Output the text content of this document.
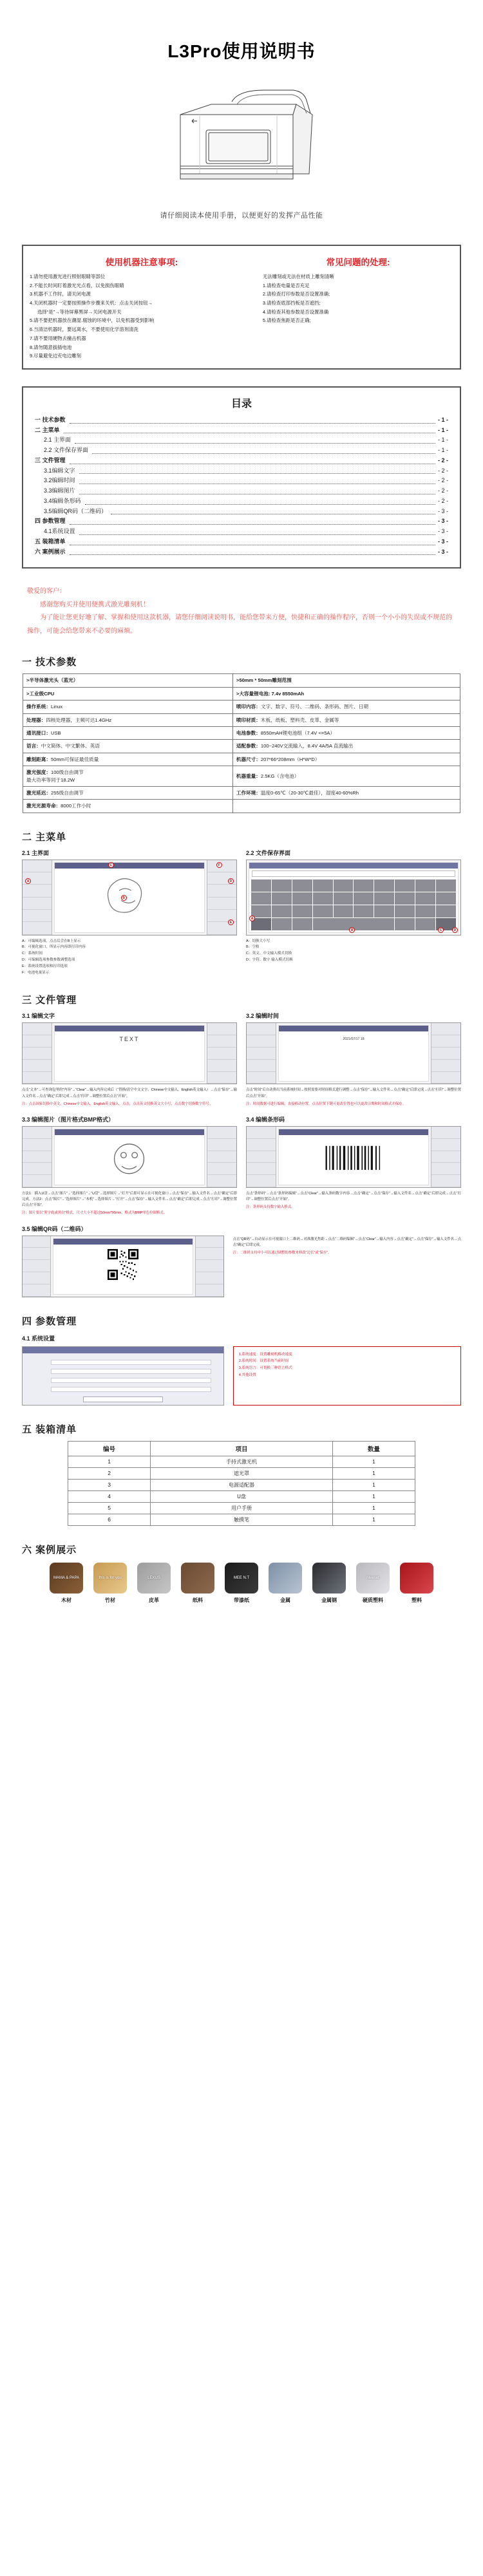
L3Pro使用说明书
请仔细阅读本使用手册，以便更好的发挥产品性能
使用机器注意事项:
1.请勿使用激光进行照射眼睛等部位
2.不能长时间盯着激光光点看，以免损伤眼睛
3.机器不工作时，请关闭电源
4.关闭机器时一定要按照操作步骤来关机：点击关闭按钮→
选择“是”→等待屏幕黑屏→关闭电源开关
5.请不要把机器放在潮湿.腐蚀的环境中，以免机器受到影响
6.当清洁机器时，要远离水，不要使用化学溶剂清洗
7.请不要用硬物去撞击机器
8.请勿随意拔插电池
9.尽量避免边充电边雕刻
常见问题的处理:
无法雕刻或无法在材质上雕刻清晰
1.请检查电量是否充足
2.请检查打印参数是否设置准确;
3.请检查底部挡板是否遮挡;
4.请检查其他参数是否设置准确
5.请检查焦距是否正确;
目录
一 技术参数	- 1 -
二 主菜单	- 1 -
2.1 主界面	- 1 -
2.2 文件保存界面	- 1 -
三 文件管理	- 2 -
3.1编辑文字	- 2 -
3.2编辑时间	- 2 -
3.3编辑图片	- 2 -
3.4编辑条形码	- 2 -
3.5编辑QR码（二维码）	- 3 -
四 参数管理	- 3 -
4.1系统设置	- 3 -
五 装箱清单	- 3 -
六 案例展示	- 3 -
敬爱的客户：
感谢您购买并使用便携式激光雕刻机！
为了能让您更好地了解、掌握和使用这款机器，请您仔细阅读说明书，能给您带来方便，快捷和正确的操作程序，否则一个小小的失误或不规范的操作，可能会给您带来不必要的麻烦。
一 技术参数
>半导体激光头（蓝光）	>50mm * 50mm雕刻范围
>工业级CPU	>大容量锂电池: 7.4v 8550mAh
操作系统：Linux	喷印内容：文字、数字、符号、二维码、条形码、图片、日期
处理器：四核处理器，主频可达1.4GHz	喷印材质：木板、纸板、塑料壳、皮革、金属等
通讯接口：USB	电池参数：8550mAH锂电池组（7.4V <=5A）
语言：中文简体、中文繁体、英语	适配参数：100~240V交流输入，8.4V 4A/5A 直流输出
雕刻距离：50mm可保证最佳质量	机器尺寸：207*66*208mm（H*W*D）
激光强度：100级自由调节
最大功率等同于18.2W	机器重量：2.5KG（含电池）
激光延迟：255级自由调节	工作环境：温度0-65℃（20-30℃最佳），湿度40-60%Rh
激光光源寿命：8000工作小时	
二 主菜单
2.1 主界面
A
B
C
D
E
F
A：可编辑选项，点击后会在B上显示
B：可视化窗口，所显示内容即打印内容
C：系统时间
D：可编辑选项参数参数调整选项
E：系统设置选项和打印选项
F：电池电量显示
2.2 文件保存界面
A
B	C	D
A：切换大小写
B：空格
C：英文、中文输入模式切换
D：字符、数字 输入模式切换
三 文件管理
3.1 编辑文字
TEXT
点击“文本”→可查询包里的“内容”→“Clear”→输入内容完成后（“替换/清空中文文字、Chinese中文输入、English英文输入）→点击“保存”→输入文件名→点击“确定”后即完成→点击“打印”→调整位置后点击“开始”。
注：点击国家切换中英文，Chinese中文输入，English英文输入。点击，点击英文切换英文大小写，点击数字切换数字符号。
3.2 编辑时间
2021/07/17 18
点击“时间”后自动弹出当前系统时间→按照需要对时间格式进行调整→点击“保存”→输入文件名→点击“确定”后即完成→点击“打印”→调整位置后点击“开始”。
注：时间数据可进行编辑，直接移动位置，点击位置下键可更改位置也可以更改日期和时间格式并保存。
3.3 编辑图片（图片格式BMP格式）
方法1：插入U盘→点击“图片”→“选择图片”→“U盘”→选择图片→“打开”后即可显示在可视化窗口→点击“保存”→输入文件名→点击“确定”后即完成。方法2：点击“图片”→“选择图片”→“本机”→选择图片→“打开”→点击“保存”→输入文件名→点击“确定”后即完成→点击“打印”→调整位置后点击“开始”。
注：图片要以“黑字底或黑白”格式，尺寸大小不超过50mm*50mm，格式为BMP单色位图格式。
3.4 编辑条形码
点击“条形码”→点击“条形码编辑”→点击“Clear”→输入条码数字内容→点击“确定”→点击“保存”→输入文件名→点击“确定”后即完成→点击“打印”→调整位置后点击“开始”。
注：条形码支持数字输入格式。
3.5 编辑QR码（二维码）
点击“QR码”→自动显示在可视窗口上二维码→对准激光焦距→点击“二维码编辑”→点击“Clear”→输入内容→点击“确定”→点击“保存”→输入文件名→点击“确定”后即完成。
注：二维码支持中小可以通过调整的参数来修改“边长”或“保存”。
四 参数管理
4.1 系统设置
1.系统速度：设置雕刻机移动速度
2.系统时间：设置系统当前时间
3.系统语言：可切换三种语言格式
4.其他设置
五 装箱清单
编号	项目	数量
1	手持式激光机	1
2	遮光罩	1
3	电源适配器	1
4	U盘	1
5	用户手册	1
6	触摸笔	1
六 案例展示
MAMA & PAPA
木材
this is for you
竹材
LEXUS
皮革	纸料
MEE N.T
带漆纸	金属	金属钢
Meeset
硬质塑料	塑料
